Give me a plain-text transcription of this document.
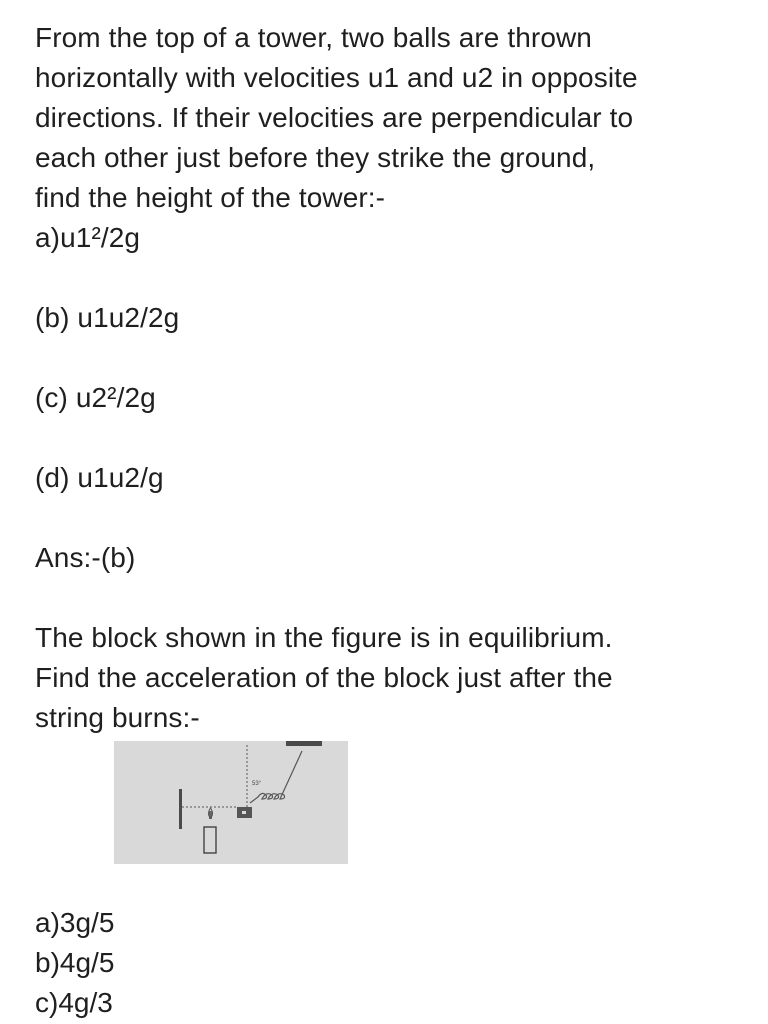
From the top of a tower, two balls are thrown
horizontally with velocities u1 and u2 in opposite
directions. If their velocities are perpendicular to
each other just before they strike the ground,
find the height of the tower:-

a)u1²/2g
(b) u1u2/2g
(c) u2²/2g
(d) u1u2/g
Ans:-(b)

The block shown in the figure is in equilibrium.
Find the acceleration of the block just after the
string burns:-

53°
a)3g/5
b)4g/5
c)4g/3
